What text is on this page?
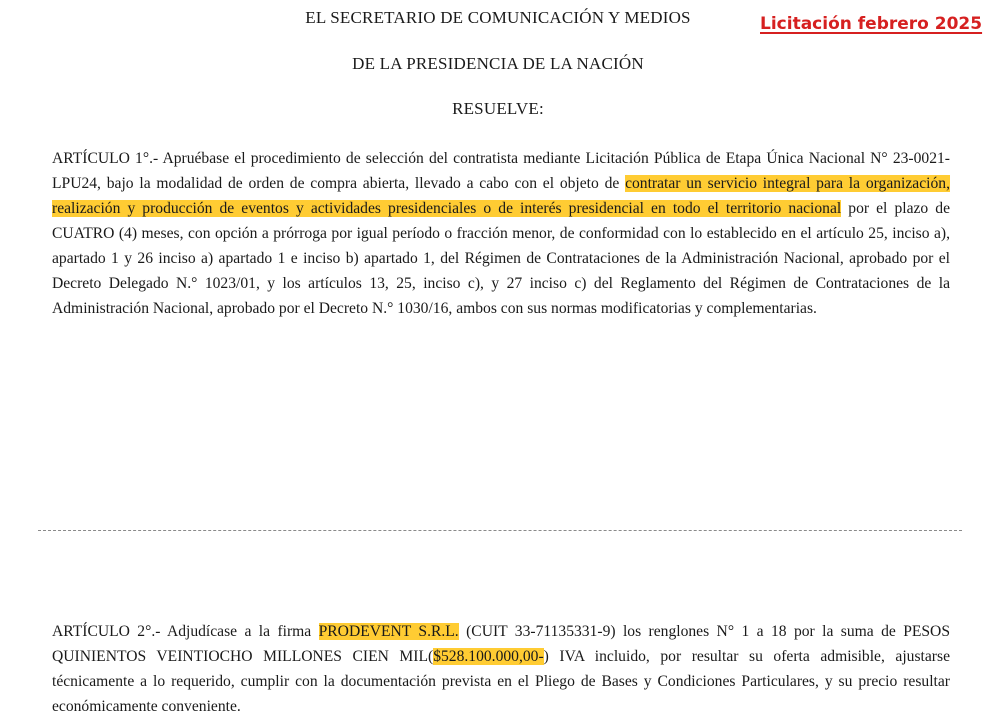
EL SECRETARIO DE COMUNICACIÓN Y MEDIOS
DE LA PRESIDENCIA DE LA NACIÓN
RESUELVE:
Licitación febrero 2025

ARTÍCULO 1°.- Apruébase el procedimiento de selección del contratista mediante Licitación Pública de Etapa Única Nacional N° 23-0021-LPU24, bajo la modalidad de orden de compra abierta, llevado a cabo con el objeto de contratar un servicio integral para la organización, realización y producción de eventos y actividades presidenciales o de interés presidencial en todo el territorio nacional por el plazo de CUATRO (4) meses, con opción a prórroga por igual período o fracción menor, de conformidad con lo establecido en el artículo 25, inciso a), apartado 1 y 26 inciso a) apartado 1 e inciso b) apartado 1, del Régimen de Contrataciones de la Administración Nacional, aprobado por el Decreto Delegado N.° 1023/01, y los artículos 13, 25, inciso c), y 27 inciso c) del Reglamento del Régimen de Contrataciones de la Administración Nacional, aprobado por el Decreto N.° 1030/16, ambos con sus normas modificatorias y complementarias.

ARTÍCULO 2°.- Adjudícase a la firma PRODEVENT S.R.L. (CUIT 33-71135331-9) los renglones N° 1 a 18 por la suma de PESOS QUINIENTOS VEINTIOCHO MILLONES CIEN MIL($528.100.000,00-) IVA incluido, por resultar su oferta admisible, ajustarse técnicamente a lo requerido, cumplir con la documentación prevista en el Pliego de Bases y Condiciones Particulares, y su precio resultar económicamente conveniente.
